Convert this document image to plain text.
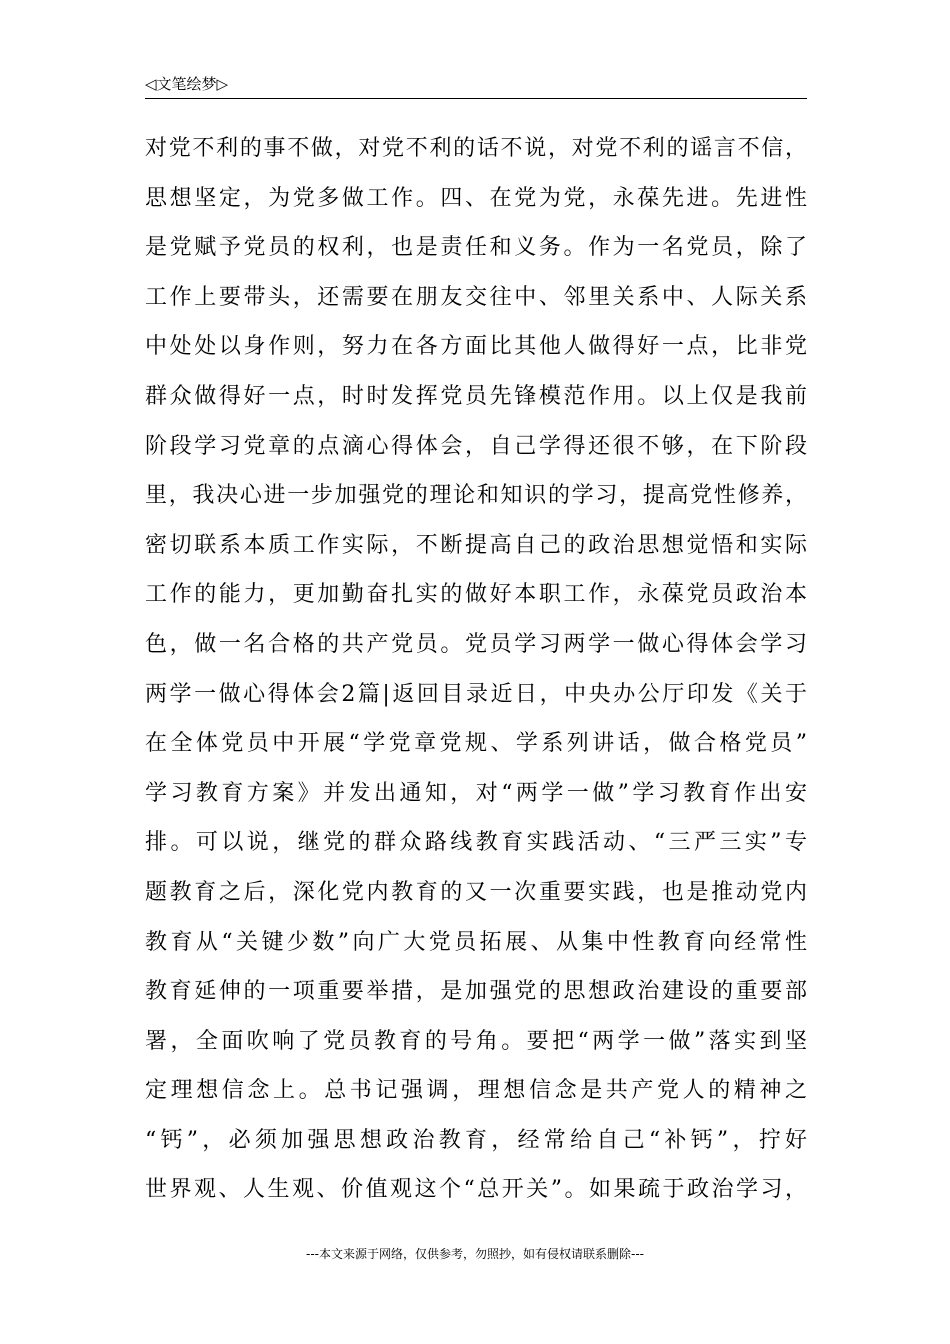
◁文笔绘梦▷
对党不利的事不做，对党不利的话不说，对党不利的谣言不信，
思想坚定，为党多做工作。四、在党为党，永葆先进。先进性
是党赋予党员的权利，也是责任和义务。作为一名党员，除了
工作上要带头，还需要在朋友交往中、邻里关系中、人际关系
中处处以身作则，努力在各方面比其他人做得好一点，比非党
群众做得好一点，时时发挥党员先锋模范作用。以上仅是我前
阶段学习党章的点滴心得体会，自己学得还很不够，在下阶段
里，我决心进一步加强党的理论和知识的学习，提高党性修养，
密切联系本质工作实际，不断提高自己的政治思想觉悟和实际
工作的能力，更加勤奋扎实的做好本职工作，永葆党员政治本
色，做一名合格的共产党员。党员学习两学一做心得体会学习
两学一做心得体会2篇|返回目录近日，中央办公厅印发《关于
在全体党员中开展“学党章党规、学系列讲话，做合格党员”
学习教育方案》并发出通知，对“两学一做”学习教育作出安
排。可以说，继党的群众路线教育实践活动、“三严三实”专
题教育之后，深化党内教育的又一次重要实践，也是推动党内
教育从“关键少数”向广大党员拓展、从集中性教育向经常性
教育延伸的一项重要举措，是加强党的思想政治建设的重要部
署，全面吹响了党员教育的号角。要把“两学一做”落实到坚
定理想信念上。总书记强调，理想信念是共产党人的精神之
“钙”，必须加强思想政治教育，经常给自己“补钙”，拧好
世界观、人生观、价值观这个“总开关”。如果疏于政治学习，
---本文来源于网络，仅供参考，勿照抄，如有侵权请联系删除---
